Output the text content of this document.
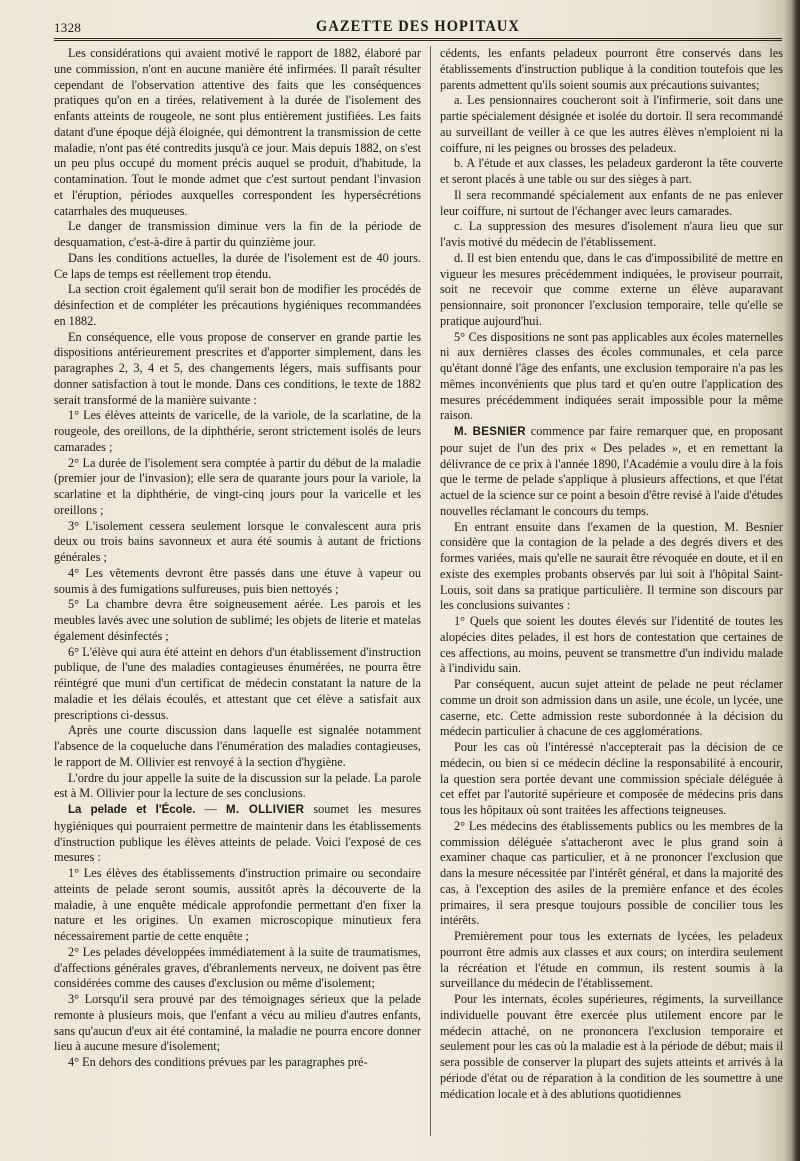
1328	GAZETTE DES HOPITAUX

Les considérations qui avaient motivé le rapport de 1882, élaboré par une commission, n'ont en aucune manière été infirmées. Il paraît résulter cependant de l'observation attentive des faits que les conséquences pratiques qu'on en a tirées, relativement à la durée de l'isolement des enfants atteints de rougeole, ne sont plus entièrement justifiées. Les faits datant d'une époque déjà éloignée, qui démontrent la transmission de cette maladie, n'ont pas été contredits jusqu'à ce jour. Mais depuis 1882, on s'est un peu plus occupé du moment précis auquel se produit, d'habitude, la contamination. Tout le monde admet que c'est surtout pendant l'invasion et l'éruption, périodes auxquelles correspondent les hypersécrétions catarrhales des muqueuses.

Le danger de transmission diminue vers la fin de la période de desquamation, c'est-à-dire à partir du quinzième jour.

Dans les conditions actuelles, la durée de l'isolement est de 40 jours. Ce laps de temps est réellement trop étendu.

La section croit également qu'il serait bon de modifier les procédés de désinfection et de compléter les précautions hygiéniques recommandées en 1882.

En conséquence, elle vous propose de conserver en grande partie les dispositions antérieurement prescrites et d'apporter simplement, dans les paragraphes 2, 3, 4 et 5, des changements légers, mais suffisants pour donner satisfaction à tout le monde. Dans ces conditions, le texte de 1882 serait transformé de la manière suivante :

1° Les élèves atteints de varicelle, de la variole, de la scarlatine, de la rougeole, des oreillons, de la diphthérie, seront strictement isolés de leurs camarades ;

2° La durée de l'isolement sera comptée à partir du début de la maladie (premier jour de l'invasion); elle sera de quarante jours pour la variole, la scarlatine et la diphthérie, de vingt-cinq jours pour la varicelle et les oreillons ;

3° L'isolement cessera seulement lorsque le convalescent aura pris deux ou trois bains savonneux et aura été soumis à autant de frictions générales ;

4° Les vêtements devront être passés dans une étuve à vapeur ou soumis à des fumigations sulfureuses, puis bien nettoyés ;

5° La chambre devra être soigneusement aérée. Les parois et les meubles lavés avec une solution de sublimé; les objets de literie et matelas également désinfectés ;

6° L'élève qui aura été atteint en dehors d'un établissement d'instruction publique, de l'une des maladies contagieuses énumérées, ne pourra être réintégré que muni d'un certificat de médecin constatant la nature de la maladie et les délais écoulés, et attestant que cet élève a satisfait aux prescriptions ci-dessus.

Après une courte discussion dans laquelle est signalée notamment l'absence de la coqueluche dans l'énumération des maladies contagieuses, le rapport de M. Ollivier est renvoyé à la section d'hygiène.

L'ordre du jour appelle la suite de la discussion sur la pelade. La parole est à M. Ollivier pour la lecture de ses conclusions.

La pelade et l'École. — M. OLLIVIER soumet les mesures hygiéniques qui pourraient permettre de maintenir dans les établissements d'instruction publique les élèves atteints de pelade. Voici l'exposé de ces mesures :

1° Les élèves des établissements d'instruction primaire ou secondaire atteints de pelade seront soumis, aussitôt après la découverte de la maladie, à une enquête médicale approfondie permettant d'en fixer la nature et les origines. Un examen microscopique minutieux fera nécessairement partie de cette enquête ;

2° Les pelades développées immédiatement à la suite de traumatismes, d'affections générales graves, d'ébranlements nerveux, ne doivent pas être considérées comme des causes d'exclusion ou même d'isolement;

3° Lorsqu'il sera prouvé par des témoignages sérieux que la pelade remonte à plusieurs mois, que l'enfant a vécu au milieu d'autres enfants, sans qu'aucun d'eux ait été contaminé, la maladie ne pourra encore donner lieu à aucune mesure d'isolement;

4° En dehors des conditions prévues par les paragraphes pré-

cédents, les enfants peladeux pourront être conservés dans les établissements d'instruction publique à la condition toutefois que les parents admettent qu'ils soient soumis aux précautions suivantes;

a. Les pensionnaires coucheront soit à l'infirmerie, soit dans une partie spécialement désignée et isolée du dortoir. Il sera recommandé au surveillant de veiller à ce que les autres élèves n'emploient ni la coiffure, ni les peignes ou brosses des peladeux.

b. A l'étude et aux classes, les peladeux garderont la tête couverte et seront placés à une table ou sur des sièges à part.

Il sera recommandé spécialement aux enfants de ne pas enlever leur coiffure, ni surtout de l'échanger avec leurs camarades.

c. La suppression des mesures d'isolement n'aura lieu que sur l'avis motivé du médecin de l'établissement.

d. Il est bien entendu que, dans le cas d'impossibilité de mettre en vigueur les mesures précédemment indiquées, le proviseur pourrait, soit ne recevoir que comme externe un élève auparavant pensionnaire, soit prononcer l'exclusion temporaire, telle qu'elle se pratique aujourd'hui.

5° Ces dispositions ne sont pas applicables aux écoles maternelles ni aux dernières classes des écoles communales, et cela parce qu'étant donné l'âge des enfants, une exclusion temporaire n'a pas les mêmes inconvénients que plus tard et qu'en outre l'application des mesures précédemment indiquées serait impossible pour la même raison.

M. BESNIER commence par faire remarquer que, en proposant pour sujet de l'un des prix « Des pelades », et en remettant la délivrance de ce prix à l'année 1890, l'Académie a voulu dire à la fois que le terme de pelade s'applique à plusieurs affections, et que l'état actuel de la science sur ce point a besoin d'être revisé à l'aide d'études nouvelles réclamant le concours du temps.

En entrant ensuite dans l'examen de la question, M. Besnier considère que la contagion de la pelade a des degrés divers et des formes variées, mais qu'elle ne saurait être révoquée en doute, et il en existe des exemples probants observés par lui soit à l'hôpital Saint-Louis, soit dans sa pratique particulière. Il termine son discours par les conclusions suivantes :

1° Quels que soient les doutes élevés sur l'identité de toutes les alopécies dites pelades, il est hors de contestation que certaines de ces affections, au moins, peuvent se transmettre d'un individu malade à l'individu sain.

Par conséquent, aucun sujet atteint de pelade ne peut réclamer comme un droit son admission dans un asile, une école, un lycée, une caserne, etc. Cette admission reste subordonnée à la décision du médecin particulier à chacune de ces agglomérations.

Pour les cas où l'intéressé n'accepterait pas la décision de ce médecin, ou bien si ce médecin décline la responsabilité à encourir, la question sera portée devant une commission spéciale déléguée à cet effet par l'autorité supérieure et composée de médecins pris dans tous les hôpitaux où sont traitées les affections teigneuses.

2° Les médecins des établissements publics ou les membres de la commission déléguée s'attacheront avec le plus grand soin à examiner chaque cas particulier, et à ne prononcer l'exclusion que dans la mesure nécessitée par l'intérêt général, et dans la majorité des cas, à l'exception des asiles de la première enfance et des écoles primaires, il sera presque toujours possible de concilier tous les intérêts.

Premièrement pour tous les externats de lycées, les peladeux pourront être admis aux classes et aux cours; on interdira seulement la récréation et l'étude en commun, ils restent soumis à la surveillance du médecin de l'établissement.

Pour les internats, écoles supérieures, régiments, la surveillance individuelle pouvant être exercée plus utilement encore par le médecin attaché, on ne prononcera l'exclusion temporaire et seulement pour les cas où la maladie est à la période de début; mais il sera possible de conserver la plupart des sujets atteints et arrivés à la période d'état ou de réparation à la condition de les soumettre à une médication locale et à des ablutions quotidiennes
